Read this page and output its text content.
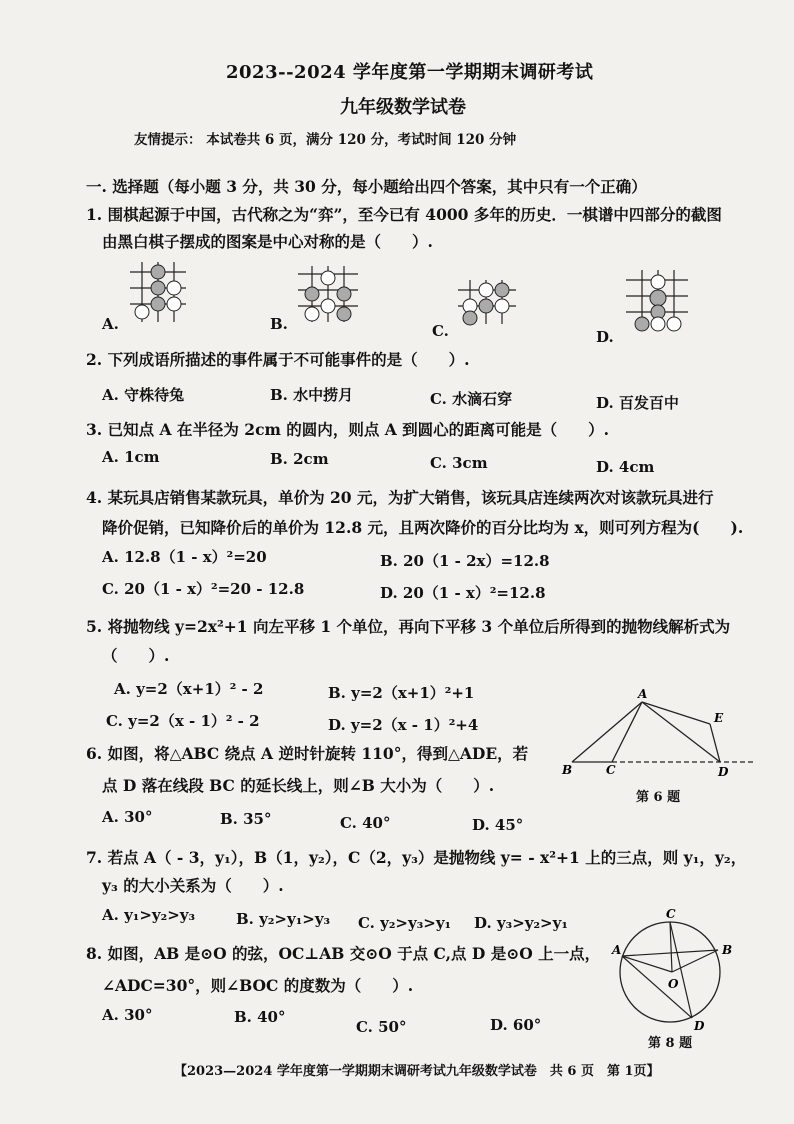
2023--2024 学年度第一学期期末调研考试
九年级数学试卷
友情提示： 本试卷共 6 页，满分 120 分，考试时间 120 分钟
一. 选择题（每小题 3 分，共 30 分，每小题给出四个答案，其中只有一个正确）
1. 围棋起源于中国，古代称之为“弈”，至今已有 4000 多年的历史．一棋谱中四部分的截图
由黑白棋子摆成的图案是中心对称的是（　　）.
A.	B.	C.	D.
2. 下列成语所描述的事件属于不可能事件的是（　　）.
A. 守株待兔	B. 水中捞月	C. 水滴石穿	D. 百发百中
3. 已知点 A 在半径为 2cm 的圆内，则点 A 到圆心的距离可能是（　　）.
A. 1cm	B. 2cm	C. 3cm	D. 4cm
4. 某玩具店销售某款玩具，单价为 20 元，为扩大销售，该玩具店连续两次对该款玩具进行
降价促销，已知降价后的单价为 12.8 元，且两次降价的百分比均为 x，则可列方程为(　　).
A. 12.8（1 - x）²=20	B. 20（1 - 2x）=12.8
C. 20（1 - x）²=20 - 12.8	D. 20（1 - x）²=12.8
5. 将抛物线 y=2x²+1 向左平移 1 个单位，再向下平移 3 个单位后所得到的抛物线解析式为
（　　）.
A. y=2（x+1）² - 2	B. y=2（x+1）²+1
C. y=2（x - 1）² - 2	D. y=2（x - 1）²+4
A
B	C	D
E
第 6 题
6. 如图，将△ABC 绕点 A 逆时针旋转 110°，得到△ADE，若
点 D 落在线段 BC 的延长线上，则∠B 大小为（　　）.
A. 30°	B. 35°	C. 40°	D. 45°
7. 若点 A（ - 3，y₁），B（1，y₂），C（2，y₃）是抛物线 y= - x²+1 上的三点，则 y₁，y₂，
y₃ 的大小关系为（　　）.
A. y₁>y₂>y₃	B. y₂>y₁>y₃ C. y₂>y₃>y₁ D. y₃>y₂>y₁	C
A	B
O
D
第 8 题
8. 如图，AB 是⊙O 的弦，OC⊥AB 交⊙O 于点 C,点 D 是⊙O 上一点，
∠ADC=30°，则∠BOC 的度数为（　　）.
A. 30°	B. 40°
C. 50°	D. 60°
【2023—2024 学年度第一学期期末调研考试九年级数学试卷　共 6 页　第 1页】
